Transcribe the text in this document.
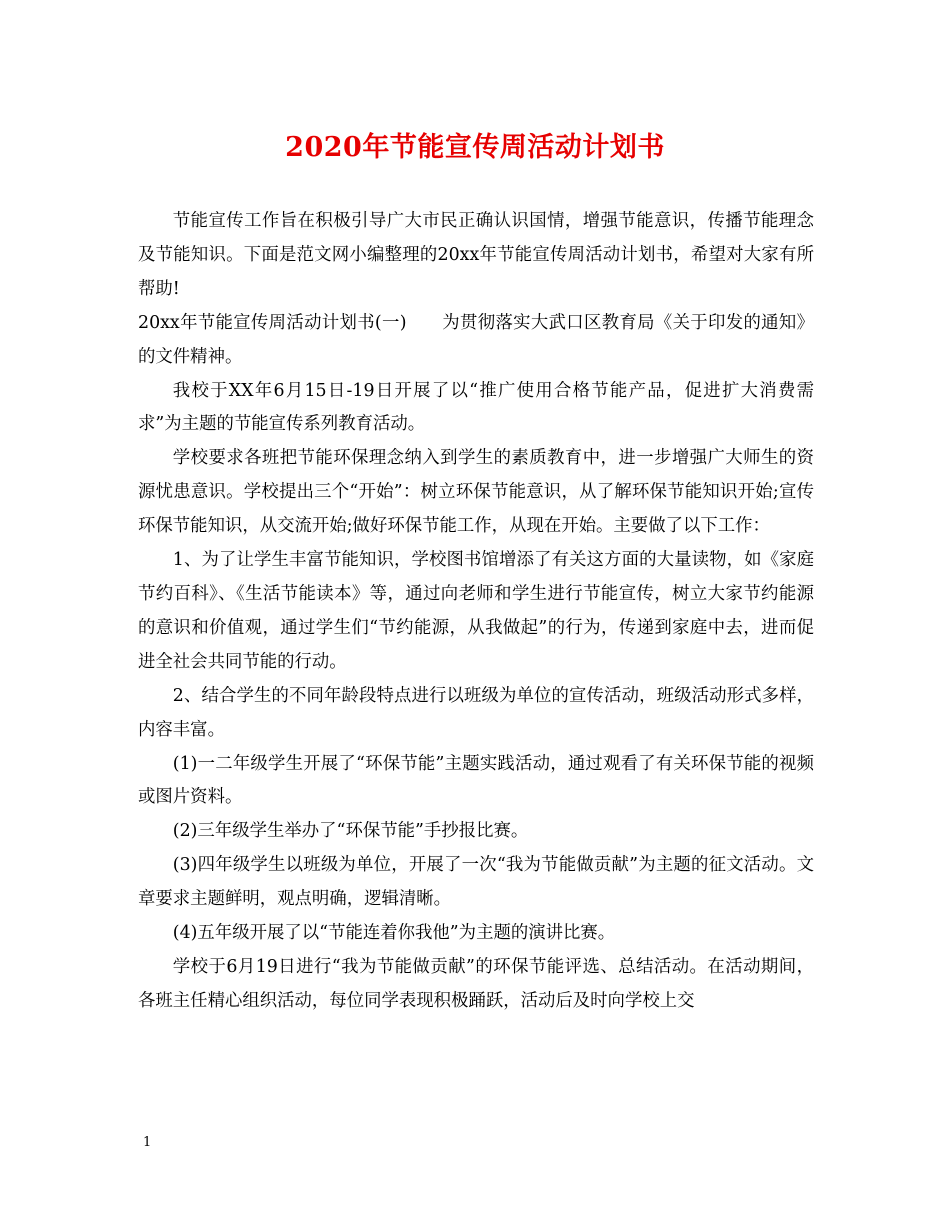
2020年节能宣传周活动计划书

节能宣传工作旨在积极引导广大市民正确认识国情，增强节能意识，传播节能理念及节能知识。下面是范文网小编整理的20xx年节能宣传周活动计划书，希望对大家有所帮助!

20xx年节能宣传周活动计划书(一)　　为贯彻落实大武口区教育局《关于印发的通知》的文件精神。

我校于XX年6月15日-19日开展了以“推广使用合格节能产品，促进扩大消费需求”为主题的节能宣传系列教育活动。

学校要求各班把节能环保理念纳入到学生的素质教育中，进一步增强广大师生的资源忧患意识。学校提出三个“开始”：树立环保节能意识，从了解环保节能知识开始;宣传环保节能知识，从交流开始;做好环保节能工作，从现在开始。主要做了以下工作：

1、为了让学生丰富节能知识，学校图书馆增添了有关这方面的大量读物，如《家庭节约百科》、《生活节能读本》等，通过向老师和学生进行节能宣传，树立大家节约能源的意识和价值观，通过学生们“节约能源，从我做起”的行为，传递到家庭中去，进而促进全社会共同节能的行动。

2、结合学生的不同年龄段特点进行以班级为单位的宣传活动，班级活动形式多样，内容丰富。

(1)一二年级学生开展了“环保节能”主题实践活动，通过观看了有关环保节能的视频或图片资料。

(2)三年级学生举办了“环保节能”手抄报比赛。

(3)四年级学生以班级为单位，开展了一次“我为节能做贡献”为主题的征文活动。文章要求主题鲜明，观点明确，逻辑清晰。

(4)五年级开展了以“节能连着你我他”为主题的演讲比赛。

学校于6月19日进行“我为节能做贡献”的环保节能评选、总结活动。在活动期间，各班主任精心组织活动，每位同学表现积极踊跃，活动后及时向学校上交

1
